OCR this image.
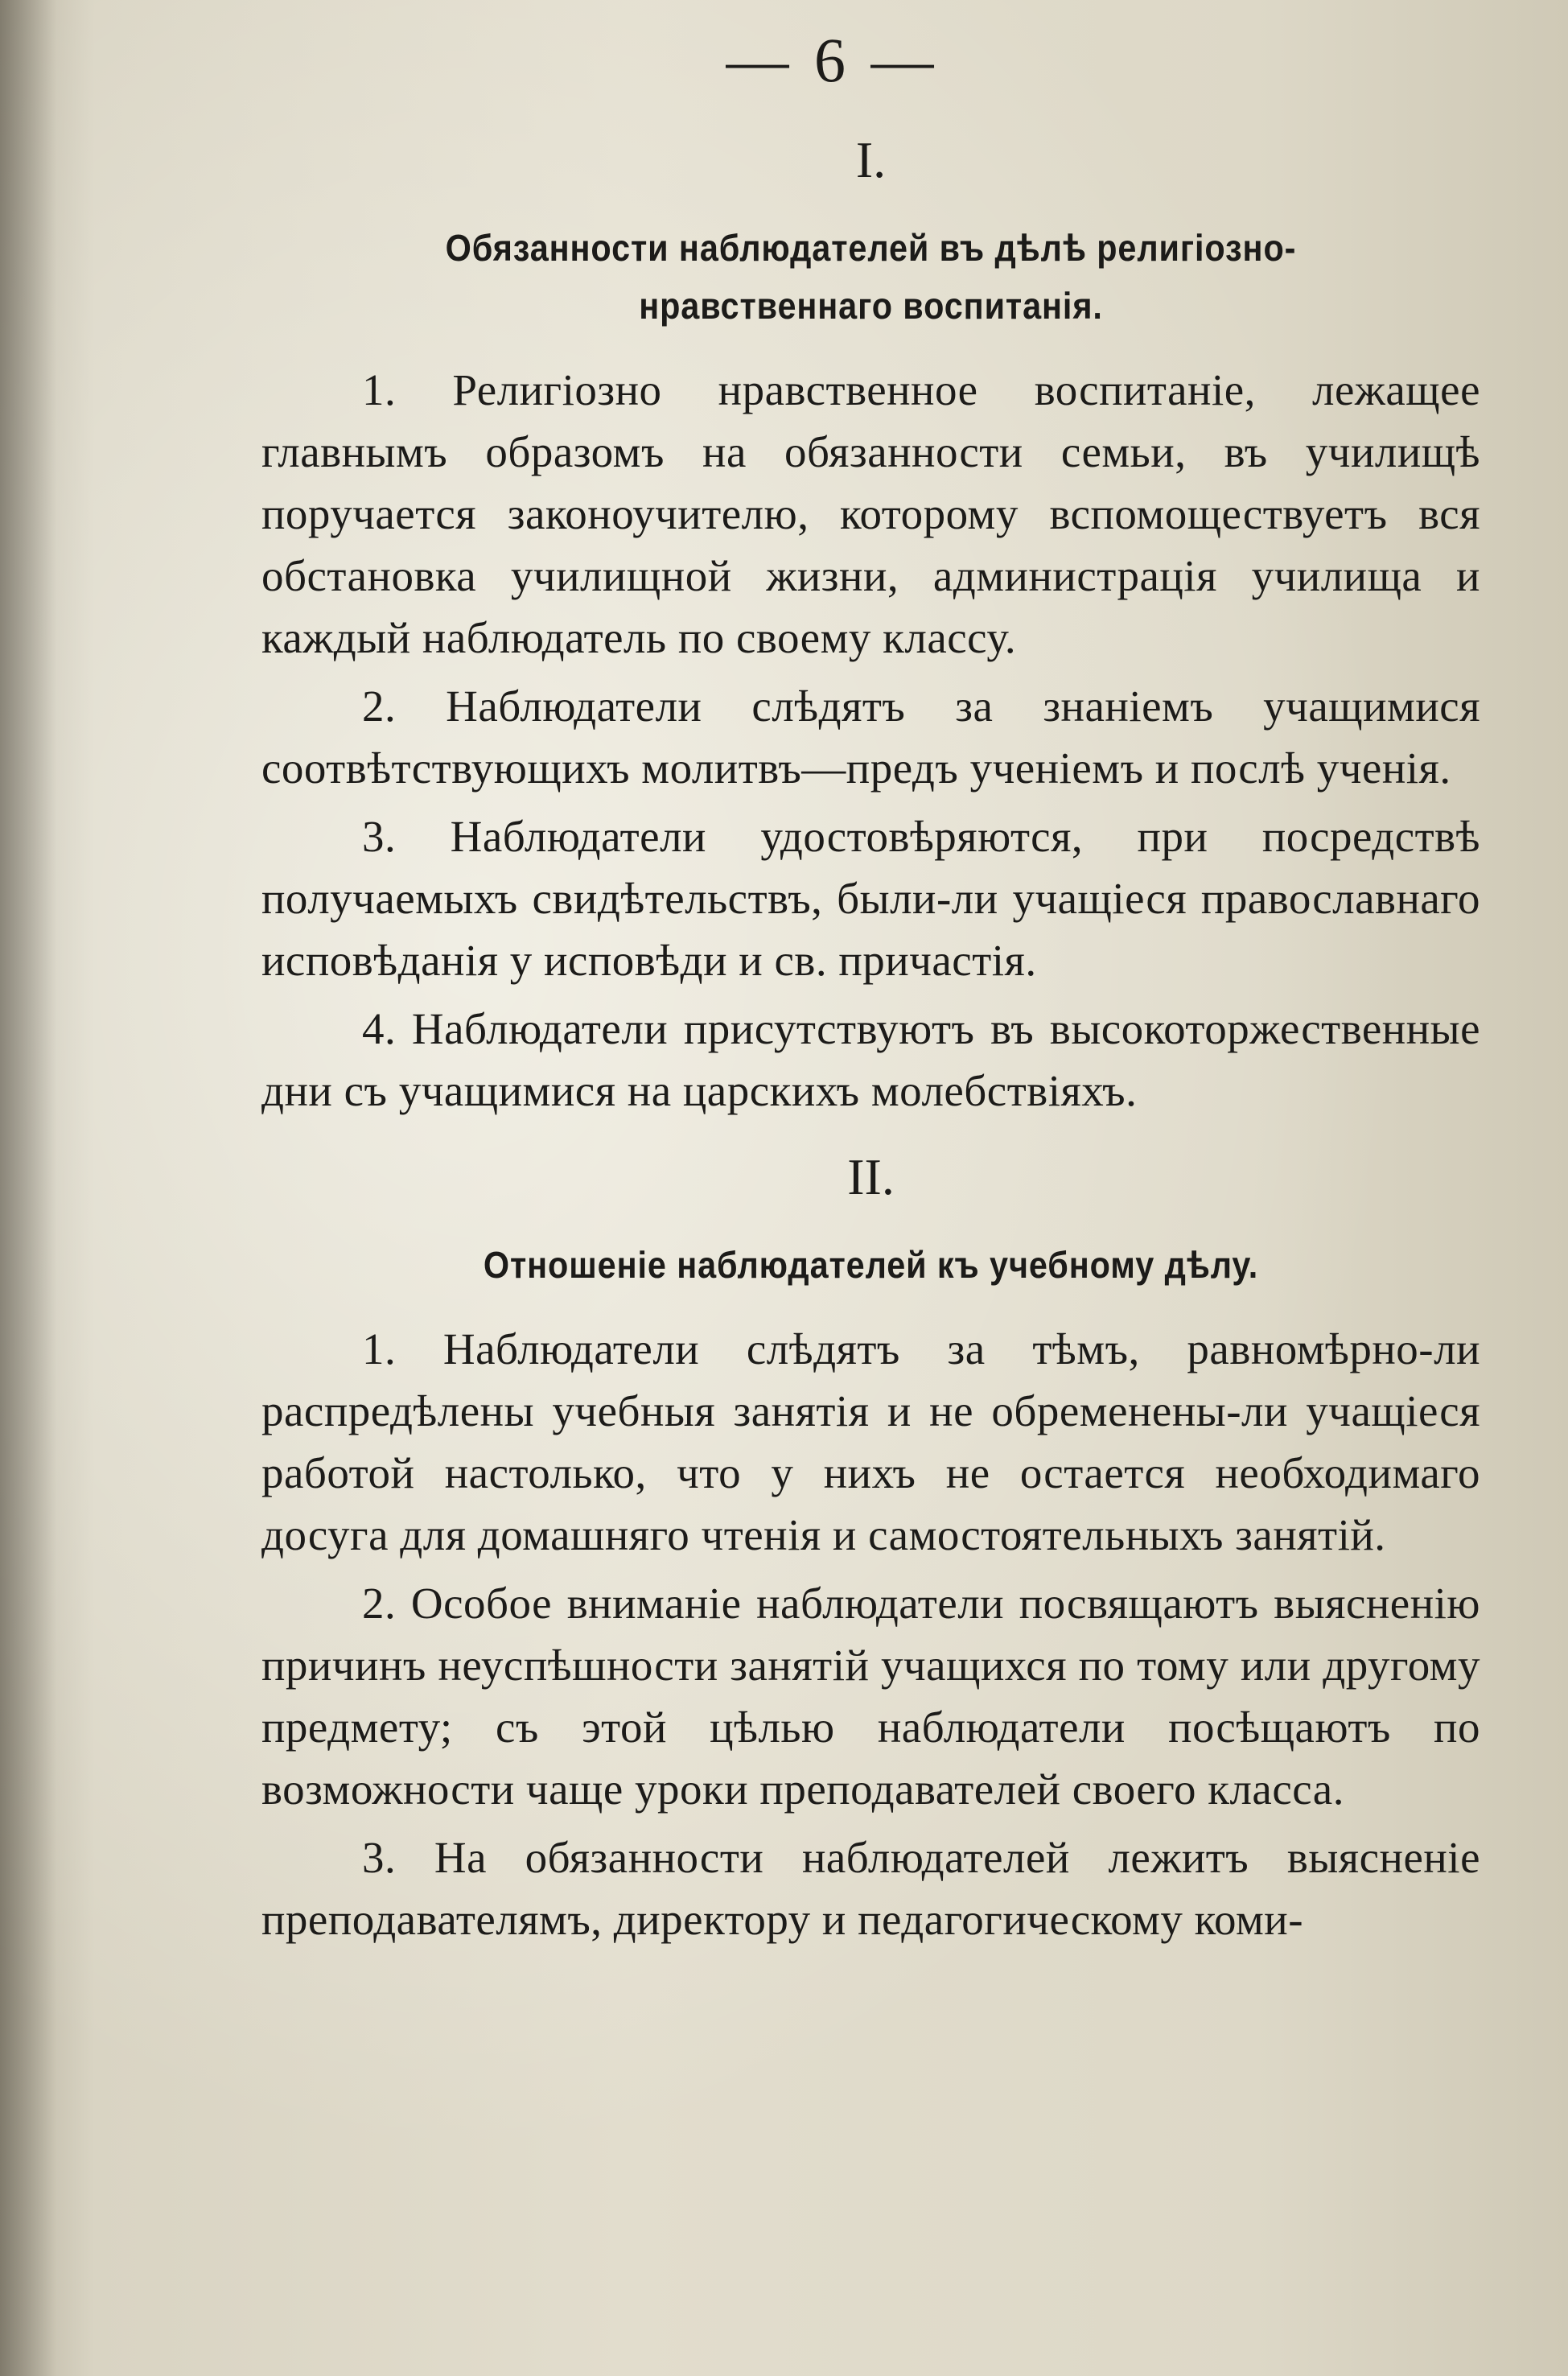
— 6 —
I.
Обязанности наблюдателей въ дѣлѣ религіозно-нравственнаго воспитанія.

1. Религіозно нравственное воспитаніе, лежащее главнымъ образомъ на обязанности семьи, въ училищѣ поручается законоучителю, которому вспомоществуетъ вся обстановка училищной жизни, администрація училища и каждый наблюдатель по своему классу.

2. Наблюдатели слѣдятъ за знаніемъ учащимися соотвѣтствующихъ молитвъ—предъ ученіемъ и послѣ ученія.

3. Наблюдатели удостовѣряются, при посредствѣ получаемыхъ свидѣтельствъ, были-ли учащіеся православнаго исповѣданія у исповѣди и св. причастія.

4. Наблюдатели присутствуютъ въ высокоторжественные дни съ учащимися на царскихъ молебствіяхъ.

II.
Отношеніе наблюдателей къ учебному дѣлу.

1. Наблюдатели слѣдятъ за тѣмъ, равномѣрно-ли распредѣлены учебныя занятія и не обременены-ли учащіеся работой настолько, что у нихъ не остается необходимаго досуга для домашняго чтенія и самостоятельныхъ занятій.

2. Особое вниманіе наблюдатели посвящаютъ выясненію причинъ неуспѣшности занятій учащихся по тому или другому предмету; съ этой цѣлью наблюдатели посѣщаютъ по возможности чаще уроки преподавателей своего класса.

3. На обязанности наблюдателей лежитъ выясненіе преподавателямъ, директору и педагогическому коми-
